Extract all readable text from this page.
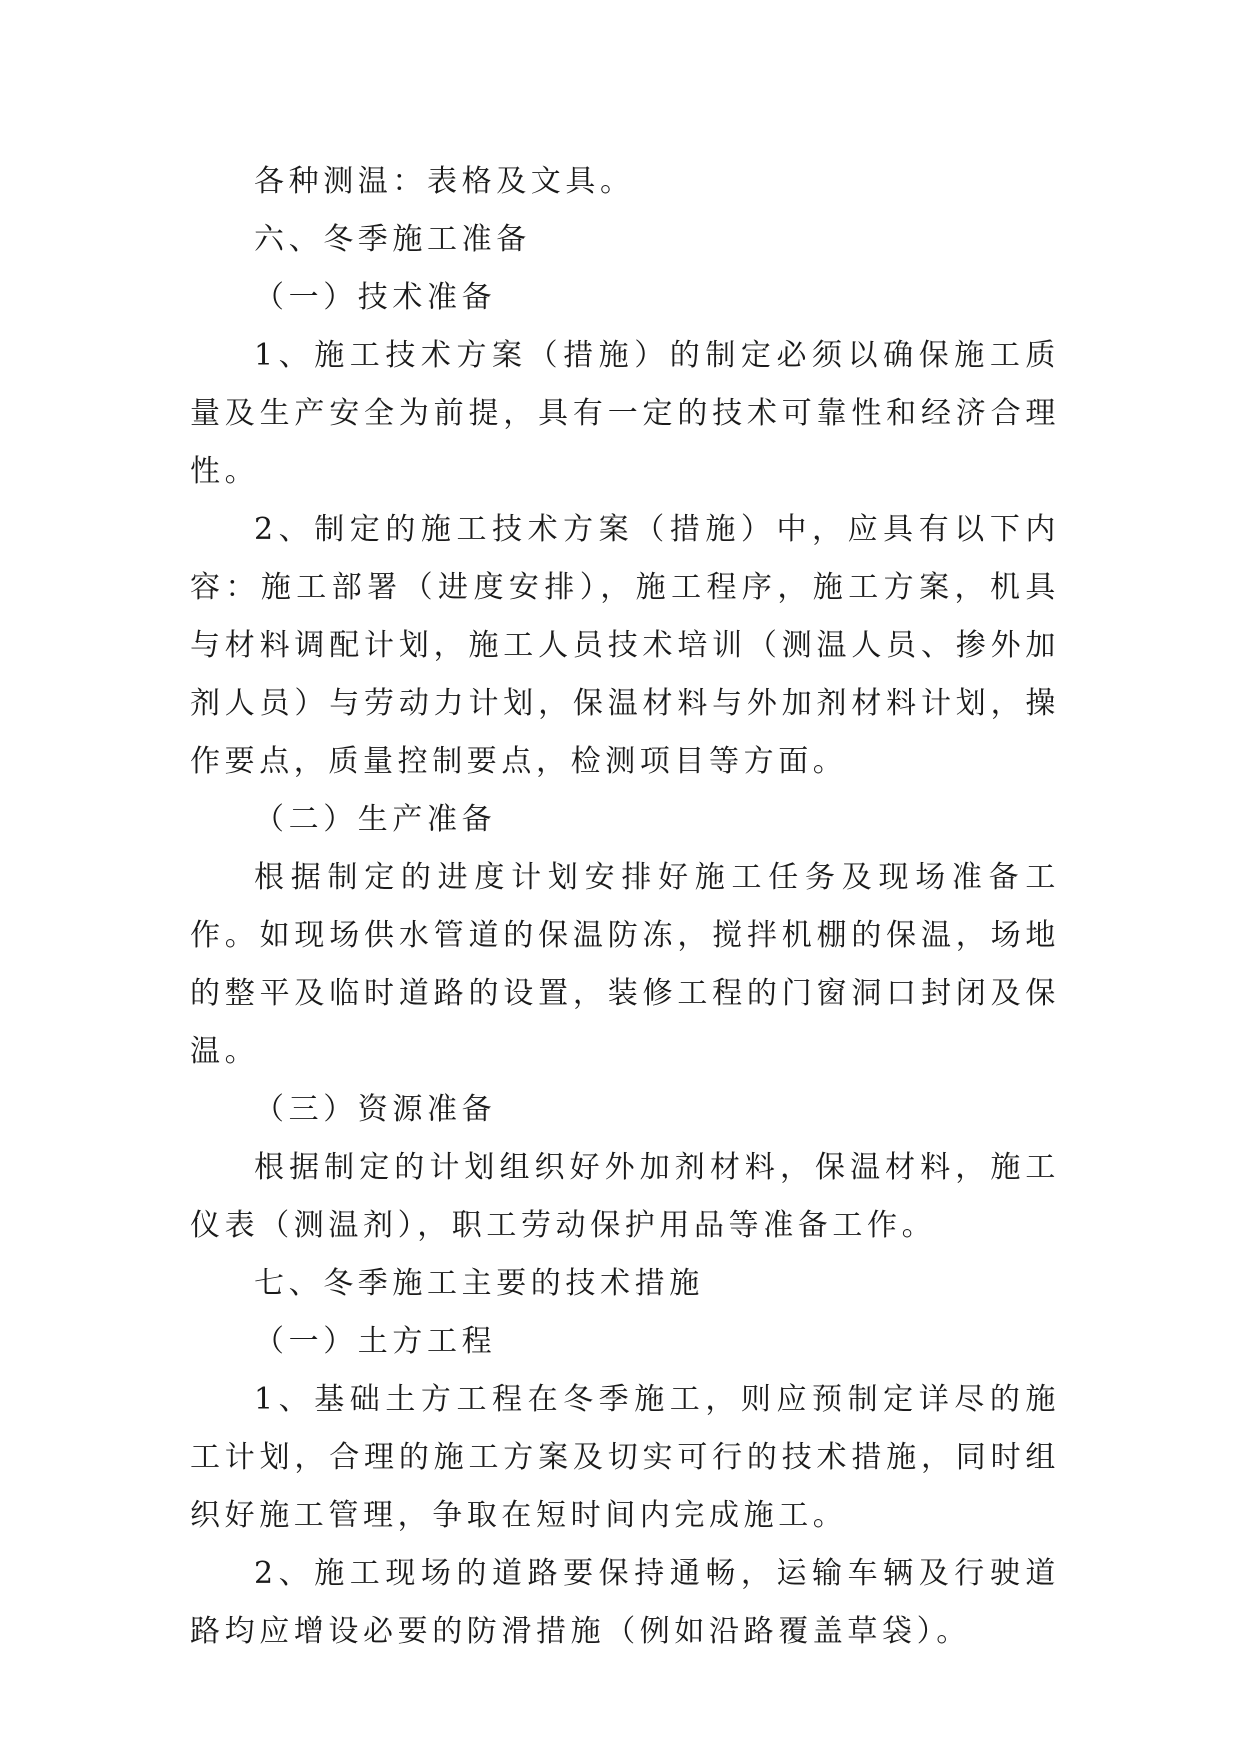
各种测温：表格及文具。

六、冬季施工准备

（一）技术准备

1、施工技术方案（措施）的制定必须以确保施工质量及生产安全为前提，具有一定的技术可靠性和经济合理性。

2、制定的施工技术方案（措施）中，应具有以下内容：施工部署（进度安排），施工程序，施工方案，机具与材料调配计划，施工人员技术培训（测温人员、掺外加剂人员）与劳动力计划，保温材料与外加剂材料计划，操作要点，质量控制要点，检测项目等方面。

（二）生产准备

根据制定的进度计划安排好施工任务及现场准备工作。如现场供水管道的保温防冻，搅拌机棚的保温，场地的整平及临时道路的设置，装修工程的门窗洞口封闭及保温。

（三）资源准备

根据制定的计划组织好外加剂材料，保温材料，施工仪表（测温剂），职工劳动保护用品等准备工作。

七、冬季施工主要的技术措施

（一）土方工程

1、基础土方工程在冬季施工，则应预制定详尽的施工计划，合理的施工方案及切实可行的技术措施，同时组织好施工管理，争取在短时间内完成施工。

2、施工现场的道路要保持通畅，运输车辆及行驶道路均应增设必要的防滑措施（例如沿路覆盖草袋）。
